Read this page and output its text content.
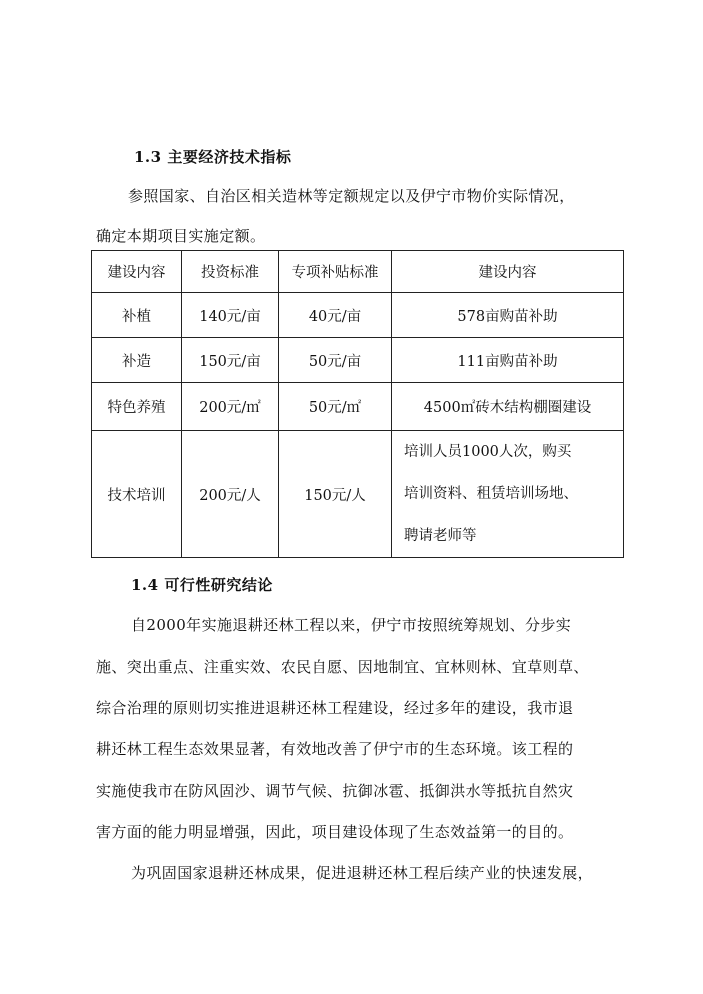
1.3 主要经济技术指标
参照国家、自治区相关造林等定额规定以及伊宁市物价实际情况，
确定本期项目实施定额。
建设内容	投资标准	专项补贴标准	建设内容
补植	140元/亩	40元/亩	578亩购苗补助
补造	150元/亩	50元/亩	111亩购苗补助
特色养殖	200元/㎡	50元/㎡	4500㎡砖木结构棚圈建设
技术培训	200元/人	150元/人	培训人员1000人次，购买
培训资料、租赁培训场地、
聘请老师等
1.4 可行性研究结论
自2000年实施退耕还林工程以来，伊宁市按照统筹规划、分步实
施、突出重点、注重实效、农民自愿、因地制宜、宜林则林、宜草则草、
综合治理的原则切实推进退耕还林工程建设，经过多年的建设，我市退
耕还林工程生态效果显著，有效地改善了伊宁市的生态环境。该工程的
实施使我市在防风固沙、调节气候、抗御冰雹、抵御洪水等抵抗自然灾
害方面的能力明显增强，因此，项目建设体现了生态效益第一的目的。
为巩固国家退耕还林成果，促进退耕还林工程后续产业的快速发展，
